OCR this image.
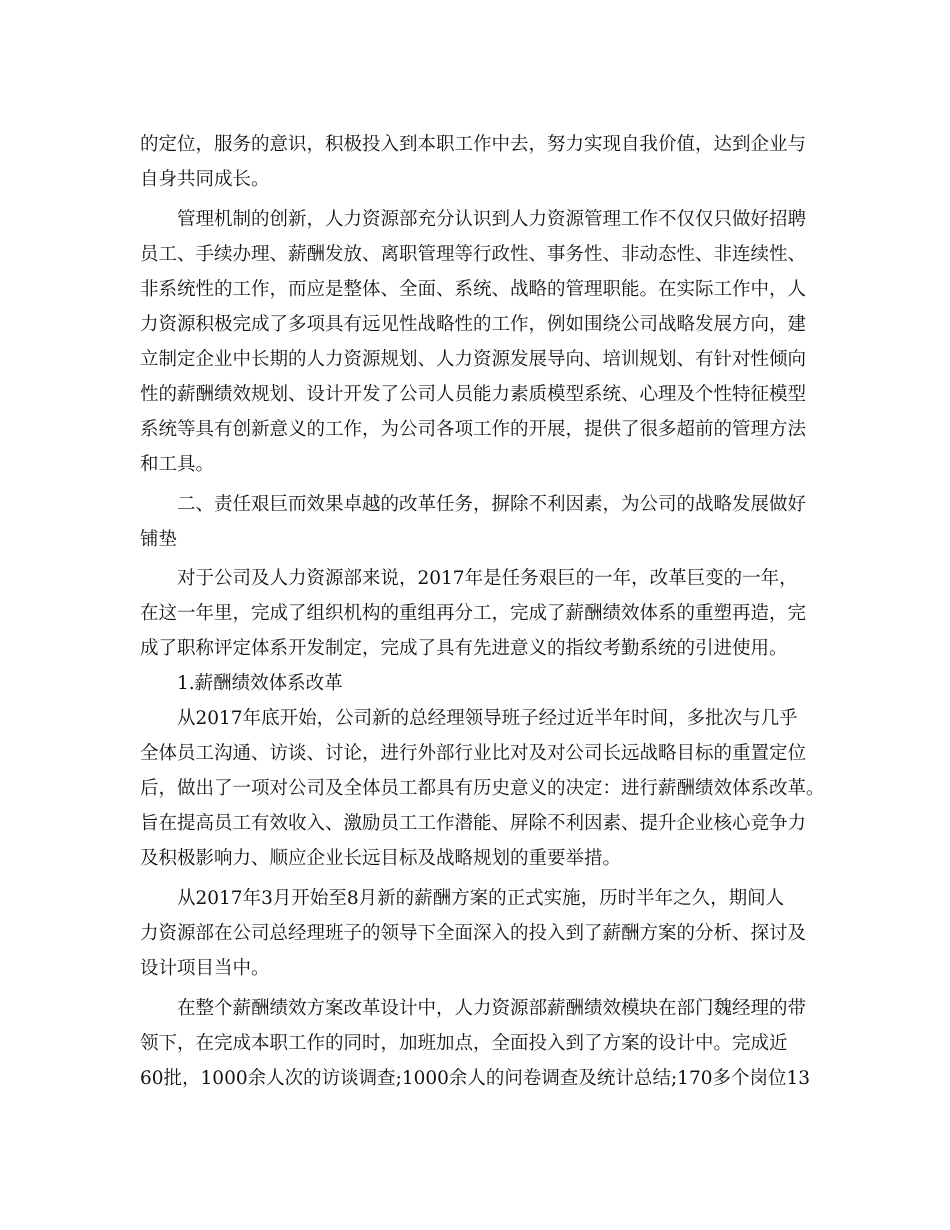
的定位，服务的意识，积极投入到本职工作中去，努力实现自我价值，达到企业与
自身共同成长。
管理机制的创新，人力资源部充分认识到人力资源管理工作不仅仅只做好招聘
员工、手续办理、薪酬发放、离职管理等行政性、事务性、非动态性、非连续性、
非系统性的工作，而应是整体、全面、系统、战略的管理职能。在实际工作中，人
力资源积极完成了多项具有远见性战略性的工作，例如围绕公司战略发展方向，建
立制定企业中长期的人力资源规划、人力资源发展导向、培训规划、有针对性倾向
性的薪酬绩效规划、设计开发了公司人员能力素质模型系统、心理及个性特征模型
系统等具有创新意义的工作，为公司各项工作的开展，提供了很多超前的管理方法
和工具。
二、责任艰巨而效果卓越的改革任务，摒除不利因素，为公司的战略发展做好
铺垫
对于公司及人力资源部来说，2017年是任务艰巨的一年，改革巨变的一年，
在这一年里，完成了组织机构的重组再分工，完成了薪酬绩效体系的重塑再造，完
成了职称评定体系开发制定，完成了具有先进意义的指纹考勤系统的引进使用。
1.薪酬绩效体系改革
从2017年底开始，公司新的总经理领导班子经过近半年时间，多批次与几乎
全体员工沟通、访谈、讨论，进行外部行业比对及对公司长远战略目标的重置定位
后，做出了一项对公司及全体员工都具有历史意义的决定：进行薪酬绩效体系改革。
旨在提高员工有效收入、激励员工工作潜能、屏除不利因素、提升企业核心竞争力
及积极影响力、顺应企业长远目标及战略规划的重要举措。
从2017年3月开始至8月新的薪酬方案的正式实施，历时半年之久，期间人
力资源部在公司总经理班子的领导下全面深入的投入到了薪酬方案的分析、探讨及
设计项目当中。
在整个薪酬绩效方案改革设计中，人力资源部薪酬绩效模块在部门魏经理的带
领下，在完成本职工作的同时，加班加点，全面投入到了方案的设计中。完成近
60批，1000余人次的访谈调查;1000余人的问卷调查及统计总结;170多个岗位13
